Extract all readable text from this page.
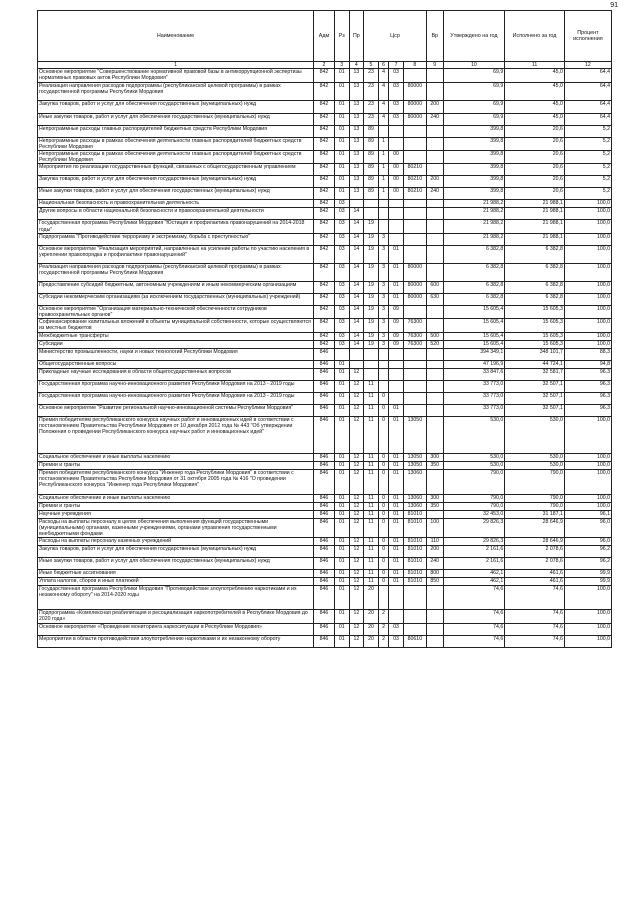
91
Наименование	Адм	Рз	Пр	Цср				Вр	Утверждено на год	Исполнено за год	Процент исполнения
1	2	3	4	5	6	7	8	9	10	11	12
Основное мероприятие "Совершенствование нормативной правовой базы в антикоррупционной экспертизы нормативных правовых актов Республики Мордовия"	842	01	13	23	4	03			69,9	45,0	64,4
Реализация направления расходов подпрограммы (республиканской целевой программы) в рамках государственной программы Республики Мордовия	842	01	13	23	4	03	80000		69,9	45,0	64,4
Закупка товаров, работ и услуг для обеспечения государственных (муниципальных) нужд	842	01	13	23	4	03	80000	200	69,9	45,0	64,4
Иные закупки товаров, работ и услуг для обеспечения государственных (муниципальных) нужд	842	01	13	23	4	03	80000	240	69,9	45,0	64,4
Непрограммные расходы главных распорядителей бюджетных средств Республики Мордовия	842	01	13	89					399,8	20,6	5,2
Непрограммные расходы в рамках обеспечения деятельности главных распорядителей бюджетных средств Республики Мордовия	842	01	13	89	1				399,8	20,6	5,2
Непрограммные расходы в рамках обеспечения деятельности главных распорядителей бюджетных средств Республики Мордовия	842	01	13	89	1	00			399,8	20,6	5,2
Мероприятия по реализации государственных функций, связанных с общегосударственным управлением	842	01	13	89	1	00	80210		399,8	20,6	5,2
Закупка товаров, работ и услуг для обеспечения государственных (муниципальных) нужд	842	01	13	89	1	00	80210	200	399,8	20,6	5,2
Иные закупки товаров, работ и услуг для обеспечения государственных (муниципальных) нужд	842	01	13	89	1	00	80210	240	399,8	20,6	5,2
Национальная безопасность и правоохранительная деятельность	842	03							21 988,2	21 988,1	100,0
Другие вопросы в области национальной безопасности и правоохранительной деятельности	842	03	14						21 988,2	21 988,1	100,0
Государственная программа Республики Мордовия "Юстиция и профилактика правонарушений на 2014-2018 годы"	842	03	14	19					21 988,2	21 988,1	100,0
Подпрограмма "Противодействие терроризму и экстремизму, борьба с преступностью"	842	03	14	19	3				21 988,2	21 988,1	100,0
Основное мероприятие "Реализация мероприятий, направленных на усиление работы по участию населения в укреплении правопорядка и профилактике правонарушений"	842	03	14	19	3	01			6 382,8	6 382,8	100,0
Реализация направления расходов подпрограммы (республиканской целевой программы) в рамках государственной программы Республики Мордовия	842	03	14	19	3	01	80000		6 382,8	6 382,8	100,0
Предоставление субсидий бюджетным, автономным учреждениям и иным некоммерческим организациям	842	03	14	19	3	01	80000	600	6 382,8	6 382,8	100,0
Субсидии некоммерческим организациям (за исключением государственных (муниципальных) учреждений)	842	03	14	19	3	01	80000	630	6 382,8	6 382,8	100,0
Основное мероприятие "Организация материально-технической обеспеченности сотрудников правоохранительных органов"	842	03	14	19	3	09			15 605,4	15 605,3	100,0
Софинансирование капитальных вложений в объекты муниципальной собственности, которые осуществляются из местных бюджетов	842	03	14	19	3	09	76300		15 605,4	15 605,3	100,0
Межбюджетные трансферты	842	03	14	19	3	09	76300	500	15 605,4	15 605,3	100,0
Субсидии	842	03	14	19	3	09	76300	520	15 605,4	15 605,3	100,0
Министерство промышленности, науки и новых технологий Республики Мордовия	846								394 349,1	348 101,7	88,3
Общегосударственные вопросы	846	01							47 196,9	44 724,1	94,8
Прикладные научные исследования в области общегосударственных вопросов	846	01	12						33 847,6	32 581,7	96,3
Государственная программа научно-инновационного развития Республики Мордовия на 2013 - 2019 годы	846	01	12	11					33 773,0	32 507,1	96,3
Государственная программа научно-инновационного развития Республики Мордовия на 2013 - 2019 годы	846	01	12	11	0				33 773,0	32 507,1	96,3
Основное мероприятие "Развитие региональной научно-инновационной системы Республики Мордовия"	846	01	12	11	0	01			33 773,0	32 507,1	96,3
Премия победителям республиканского конкурса научных работ и инновационных идей в соответствии с постановлением Правительства Республики Мордовия от 10 декабря 2012 года № 443 "Об утверждении Положения о проведении Республиканского конкурса научных работ и инновационных идей"	846	01	12	11	0	01	13050		530,0	530,0	100,0
Социальное обеспечение и иные выплаты населению	846	01	12	11	0	01	13050	300	530,0	530,0	100,0
Премии и гранты	846	01	12	11	0	01	13050	350	530,0	530,0	100,0
Премия победителям республиканского конкурса "Инженер года Республики Мордовия" в соответствии с постановлением Правительства Республики Мордовия от 31 октября 2005 года № 416 "О проведении Республиканского конкурса "Инженер года Республики Мордовия"	846	01	12	11	0	01	13060		790,0	790,0	100,0
Социальное обеспечение и иные выплаты населению	846	01	12	11	0	01	13060	300	790,0	790,0	100,0
Премии и гранты	846	01	12	11	0	01	13060	350	790,0	790,0	100,0
Научные учреждения	846	01	12	11	0	01	81010		32 453,0	31 187,1	96,1
Расходы на выплаты персоналу в целях обеспечения выполнения функций государственными (муниципальными) органами, казенными учреждениями, органами управления государственными внебюджетными фондами	846	01	12	11	0	01	81010	100	29 826,3	28 646,9	96,0
Расходы на выплаты персоналу казенных учреждений	846	01	12	11	0	01	81010	110	29 826,3	28 646,9	96,0
Закупка товаров, работ и услуг для обеспечения государственных (муниципальных) нужд	846	01	12	11	0	01	81010	200	2 161,6	2 078,6	96,2
Иные закупки товаров, работ и услуг для обеспечения государственных (муниципальных) нужд	846	01	12	11	0	01	81010	240	2 161,6	2 078,6	96,2
Иные бюджетные ассигнования	846	01	12	11	0	01	81010	800	462,1	461,6	99,9
Уплата налогов, сборов и иных платежей	846	01	12	11	0	01	81010	850	462,1	461,6	99,9
Государственная программа Республики Мордовия "Противодействие злоупотреблению наркотиками и их незаконному обороту" на 2014-2020 годы	846	01	12	20					74,6	74,6	100,0
Подпрограмма «Комплексная реабилитация и ресоциализация наркопотребителей в Республике Мордовия до 2020 года»	846	01	12	20	2				74,6	74,6	100,0
Основное мероприятие «Проведение мониторинга наркоситуации в Республике Мордовия»	846	01	12	20	2	03			74,6	74,6	100,0
Мероприятия в области противодействия злоупотреблению наркотиками и их незаконному обороту	846	01	12	20	2	03	80610		74,6	74,6	100,0
